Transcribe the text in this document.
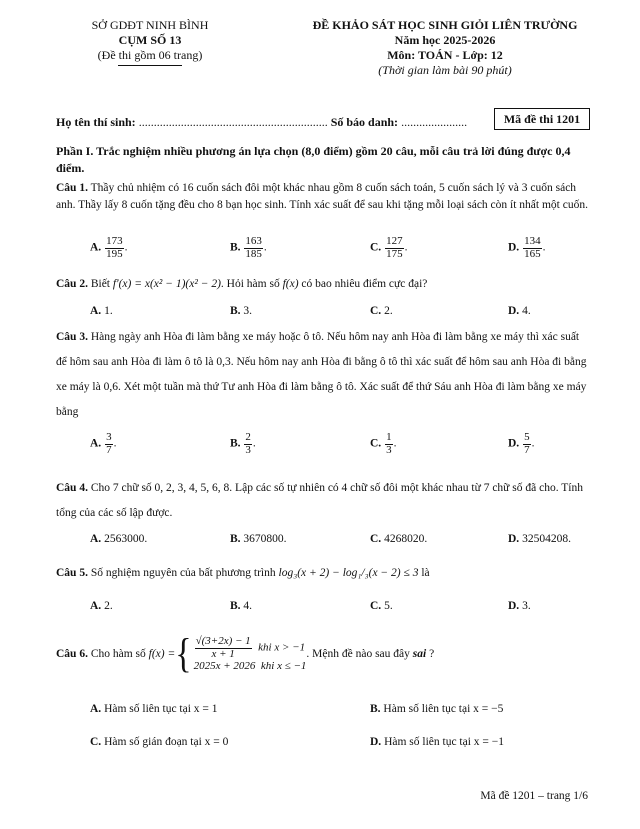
SỞ GDĐT NINH BÌNH
CỤM SỐ 13
(Đề thi gồm 06 trang)
ĐỀ KHẢO SÁT HỌC SINH GIỎI LIÊN TRƯỜNG
Năm học 2025-2026
Môn: TOÁN - Lớp: 12
(Thời gian làm bài 90 phút)
Họ tên thí sinh: ............................................................... Số báo danh: ......................	Mã đề thi 1201
Phần I. Trắc nghiệm nhiều phương án lựa chọn (8,0 điểm) gồm 20 câu, mỗi câu trả lời đúng được 0,4 điểm.
Câu 1. Thầy chủ nhiệm có 16 cuốn sách đôi một khác nhau gồm 8 cuốn sách toán, 5 cuốn sách lý và 3 cuốn sách anh. Thầy lấy 8 cuốn tặng đều cho 8 bạn học sinh. Tính xác suất để sau khi tặng mỗi loại sách còn ít nhất một cuốn.
A. $\frac{173}{195}$ .	B. $\frac{163}{185}$ .	C. $\frac{127}{175}$ .	D. $\frac{134}{165}$ .
Câu 2. Biết f′(x) = x(x² − 1)(x² − 2). Hỏi hàm số f(x) có bao nhiêu điểm cực đại?
A. 1.	B. 3.	C. 2.	D. 4.
Câu 3. Hàng ngày anh Hòa đi làm bằng xe máy hoặc ô tô. Nếu hôm nay anh Hòa đi làm bằng xe máy thì xác suất để hôm sau anh Hòa đi làm ô tô là 0,3. Nếu hôm nay anh Hòa đi bằng ô tô thì xác suất để hôm sau anh Hòa đi bằng xe máy là 0,6. Xét một tuần mà thứ Tư anh Hòa đi làm bằng ô tô. Xác suất để thứ Sáu anh Hòa đi làm bằng xe máy bằng
A. $\frac{3}{7}$ .	B. $\frac{2}{3}$ .	C. $\frac{1}{3}$ .	D. $\frac{5}{7}$ .
Câu 4. Cho 7 chữ số 0, 2, 3, 4, 5, 6, 8. Lập các số tự nhiên có 4 chữ số đôi một khác nhau từ 7 chữ số đã cho. Tính tổng của các số lập được.
A. 2563000.	B. 3670800.	C. 4268020.	D. 32504208.
Câu 5. Số nghiệm nguyên của bất phương trình log₃(x + 2) − log₁/₃(x − 2) ≤ 3 là
A. 2.	B. 4.	C. 5.	D. 3.
Câu 6.
Cho hàm số
f(x) = { $\frac{√(3+2x) - 1}{x + 1}$ khi x > −1
2025x + 2026 khi x ≤ −1
. Mệnh đề nào sau đây
sai
?
A. Hàm số liên tục tại x = 1	B. Hàm số liên tục tại x = −5
C. Hàm số gián đoạn tại x = 0	D. Hàm số liên tục tại x = −1
Mã đề 1201 – trang 1/6
